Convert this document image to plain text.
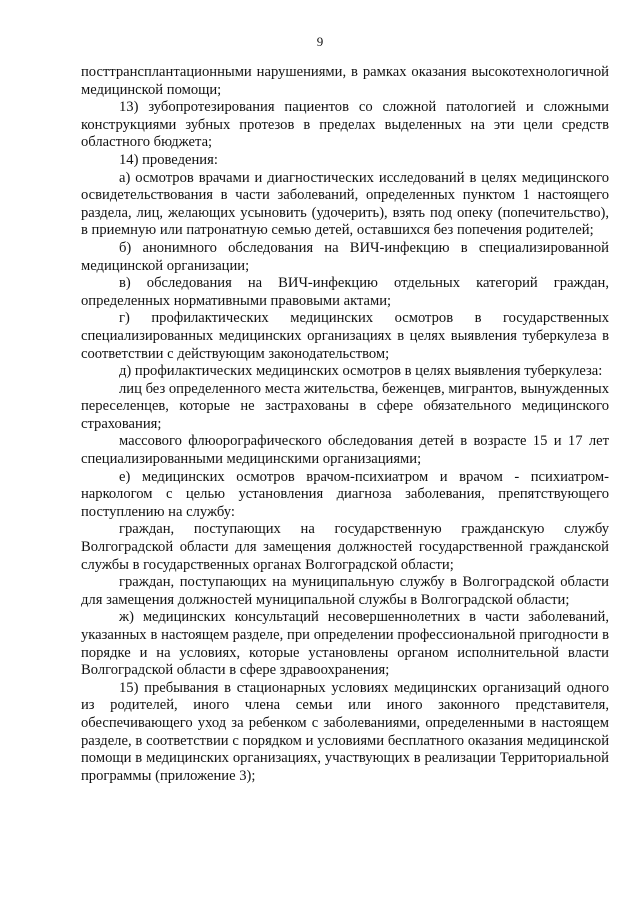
9

посттрансплантационными нарушениями, в рамках оказания высокотехнологичной медицинской помощи;

13) зубопротезирования пациентов со сложной патологией и сложными конструкциями зубных протезов в пределах выделенных на эти цели средств областного бюджета;

14) проведения:

а) осмотров врачами и диагностических исследований в целях медицинского освидетельствования в части заболеваний, определенных пунктом 1 настоящего раздела, лиц, желающих усыновить (удочерить), взять под опеку (попечительство), в приемную или патронатную семью детей, оставшихся без попечения родителей;

б) анонимного обследования на ВИЧ-инфекцию в специализированной медицинской организации;

в) обследования на ВИЧ-инфекцию отдельных категорий граждан, определенных нормативными правовыми актами;

г) профилактических медицинских осмотров в государственных специализированных медицинских организациях в целях выявления туберкулеза в соответствии с действующим законодательством;

д) профилактических медицинских осмотров в целях выявления туберкулеза:

лиц без определенного места жительства, беженцев, мигрантов, вынужденных переселенцев, которые не застрахованы в сфере обязательного медицинского страхования;

массового флюорографического обследования детей в возрасте 15 и 17 лет специализированными медицинскими организациями;

е) медицинских осмотров врачом-психиатром и врачом - психиатром-наркологом с целью установления диагноза заболевания, препятствующего поступлению на службу:

граждан, поступающих на государственную гражданскую службу Волгоградской области для замещения должностей государственной гражданской службы в государственных органах Волгоградской области;

граждан, поступающих на муниципальную службу в Волгоградской области для замещения должностей муниципальной службы в Волгоградской области;

ж) медицинских консультаций несовершеннолетних в части заболеваний, указанных в настоящем разделе, при определении профессиональной пригодности в порядке и на условиях, которые установлены органом исполнительной власти Волгоградской области в сфере здравоохранения;

15) пребывания в стационарных условиях медицинских организаций одного из родителей, иного члена семьи или иного законного представителя, обеспечивающего уход за ребенком с заболеваниями, определенными в настоящем разделе, в соответствии с порядком и условиями бесплатного оказания медицинской помощи в медицинских организациях, участвующих в реализации Территориальной программы (приложение 3);
